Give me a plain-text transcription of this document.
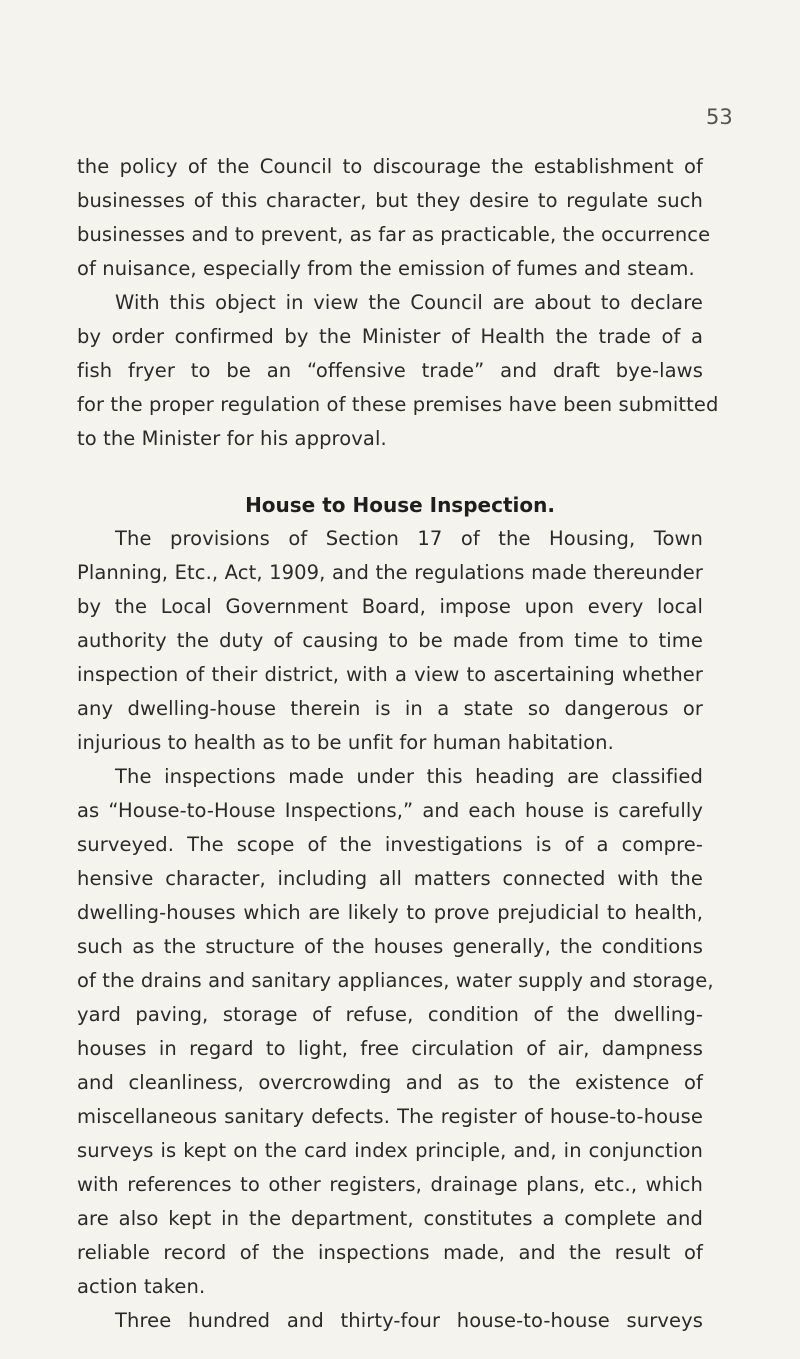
53
the policy of the Council to discourage the establishment of
businesses of this character, but they desire to regulate such
businesses and to prevent, as far as practicable, the occurrence
of nuisance, especially from the emission of fumes and steam.
With this object in view the Council are about to declare
by order confirmed by the Minister of Health the trade of a
fish fryer to be an “offensive trade” and draft bye-laws
for the proper regulation of these premises have been submitted
to the Minister for his approval.
House to House Inspection.
The provisions of Section 17 of the Housing, Town
Planning, Etc., Act, 1909, and the regulations made thereunder
by the Local Government Board, impose upon every local
authority the duty of causing to be made from time to time
inspection of their district, with a view to ascertaining whether
any dwelling-house therein is in a state so dangerous or
injurious to health as to be unfit for human habitation.
The inspections made under this heading are classified
as “House-to-House Inspections,” and each house is carefully
surveyed. The scope of the investigations is of a compre-
hensive character, including all matters connected with the
dwelling-houses which are likely to prove prejudicial to health,
such as the structure of the houses generally, the conditions
of the drains and sanitary appliances, water supply and storage,
yard paving, storage of refuse, condition of the dwelling-
houses in regard to light, free circulation of air, dampness
and cleanliness, overcrowding and as to the existence of
miscellaneous sanitary defects. The register of house-to-house
surveys is kept on the card index principle, and, in conjunction
with references to other registers, drainage plans, etc., which
are also kept in the department, constitutes a complete and
reliable record of the inspections made, and the result of
action taken.
Three hundred and thirty-four house-to-house surveys
